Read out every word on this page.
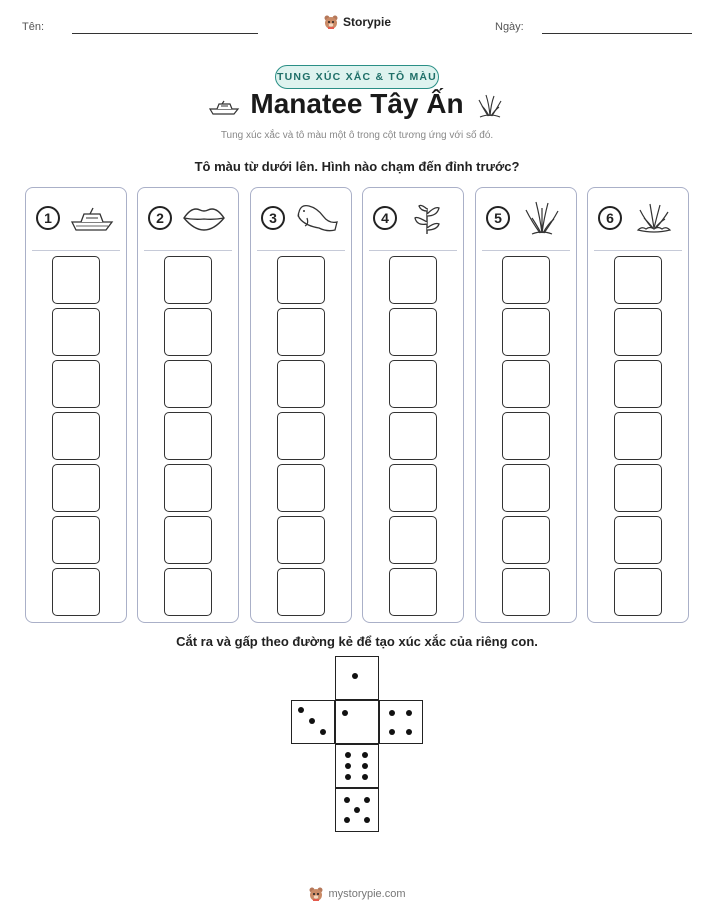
Tên:	Storypie	Ngày:
TUNG XÚC XẮC & TÔ MÀU
Manatee Tây Ấn
Tung xúc xắc và tô màu một ô trong cột tương ứng với số đó.
Tô màu từ dưới lên. Hình nào chạm đến đỉnh trước?
1	2	3	4	5	6
Cắt ra và gấp theo đường kẻ để tạo xúc xắc của riêng con.
mystorypie.com
